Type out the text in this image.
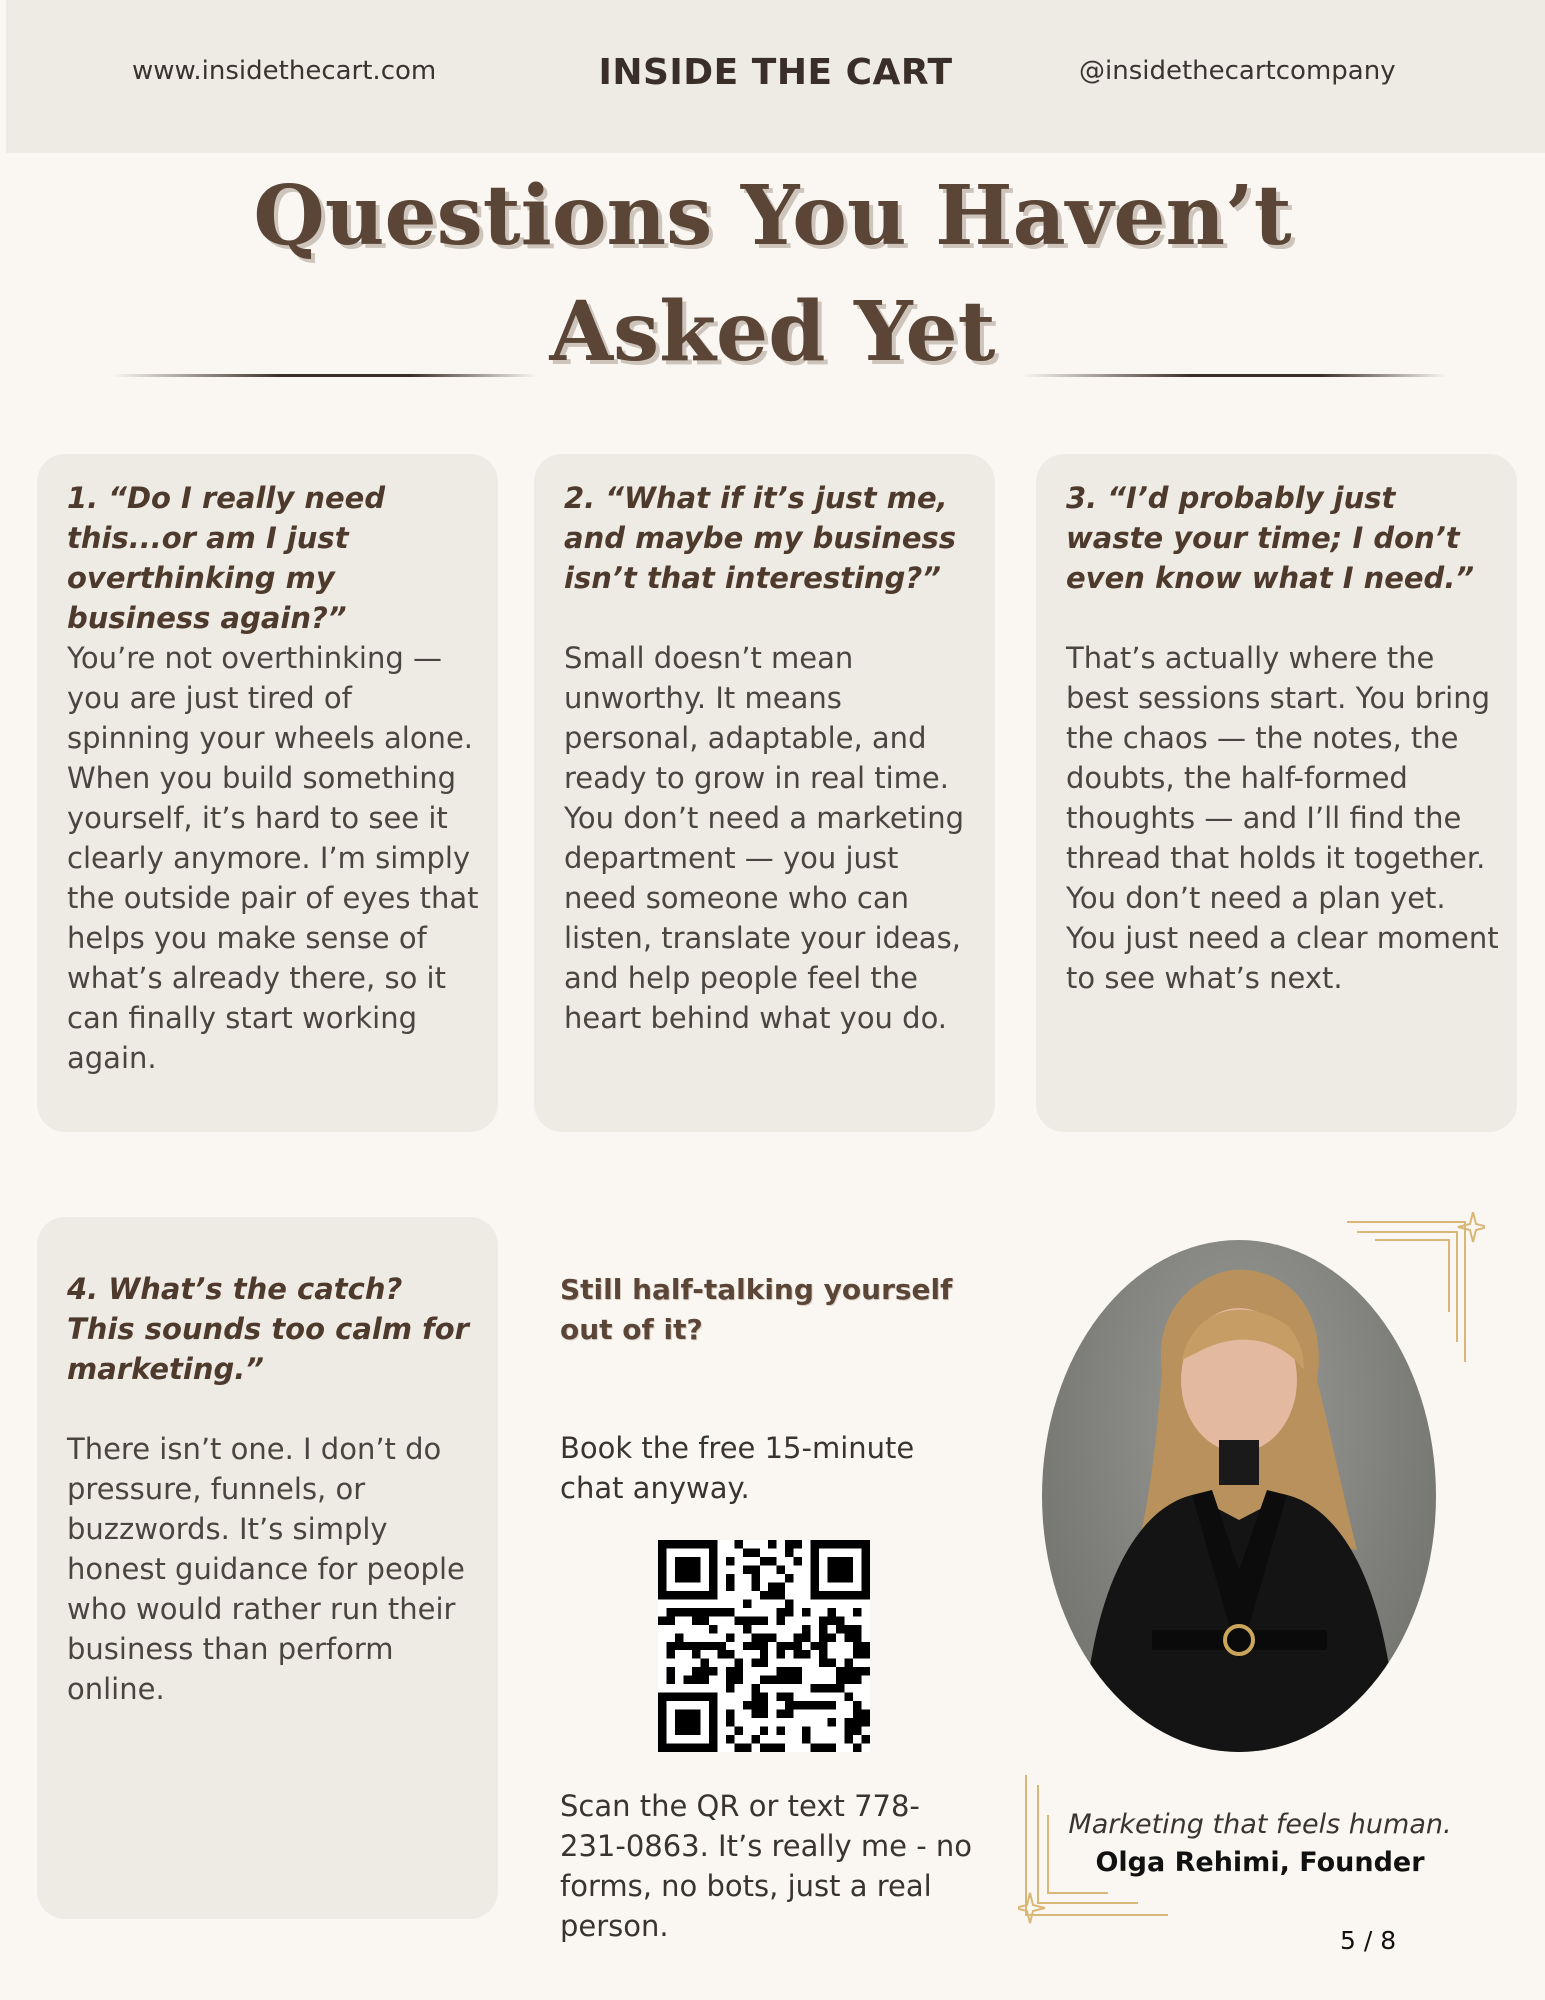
www.insidethecart.com	INSIDE THE CART	@insidethecartcompany
Questions You Haven’t
Asked Yet
1. “Do I really need this...or am I just overthinking my business again?”
You’re not overthinking — you are just tired of spinning your wheels alone. When you build something yourself, it’s hard to see it clearly anymore. I’m simply the outside pair of eyes that helps you make sense of what’s already there, so it can finally start working again.
2. “What if it’s just me, and maybe my business isn’t that interesting?”
Small doesn’t mean unworthy. It means personal, adaptable, and ready to grow in real time. You don’t need a marketing department — you just need someone who can listen, translate your ideas, and help people feel the heart behind what you do.
3. “I’d probably just waste your time; I don’t even know what I need.”
That’s actually where the best sessions start. You bring the chaos — the notes, the doubts, the half-formed thoughts — and I’ll find the thread that holds it together. You don’t need a plan yet. You just need a clear moment to see what’s next.
4. What’s the catch? This sounds too calm for marketing.”
There isn’t one. I don’t do pressure, funnels, or buzzwords. It’s simply honest guidance for people who would rather run their business than perform online.
Still half-talking yourself out of it?
Book the free 15-minute chat anyway.
Scan the QR or text 778-231-0863. It’s really me - no forms, no bots, just a real person.
Marketing that feels human.
Olga Rehimi, Founder
5 / 8
